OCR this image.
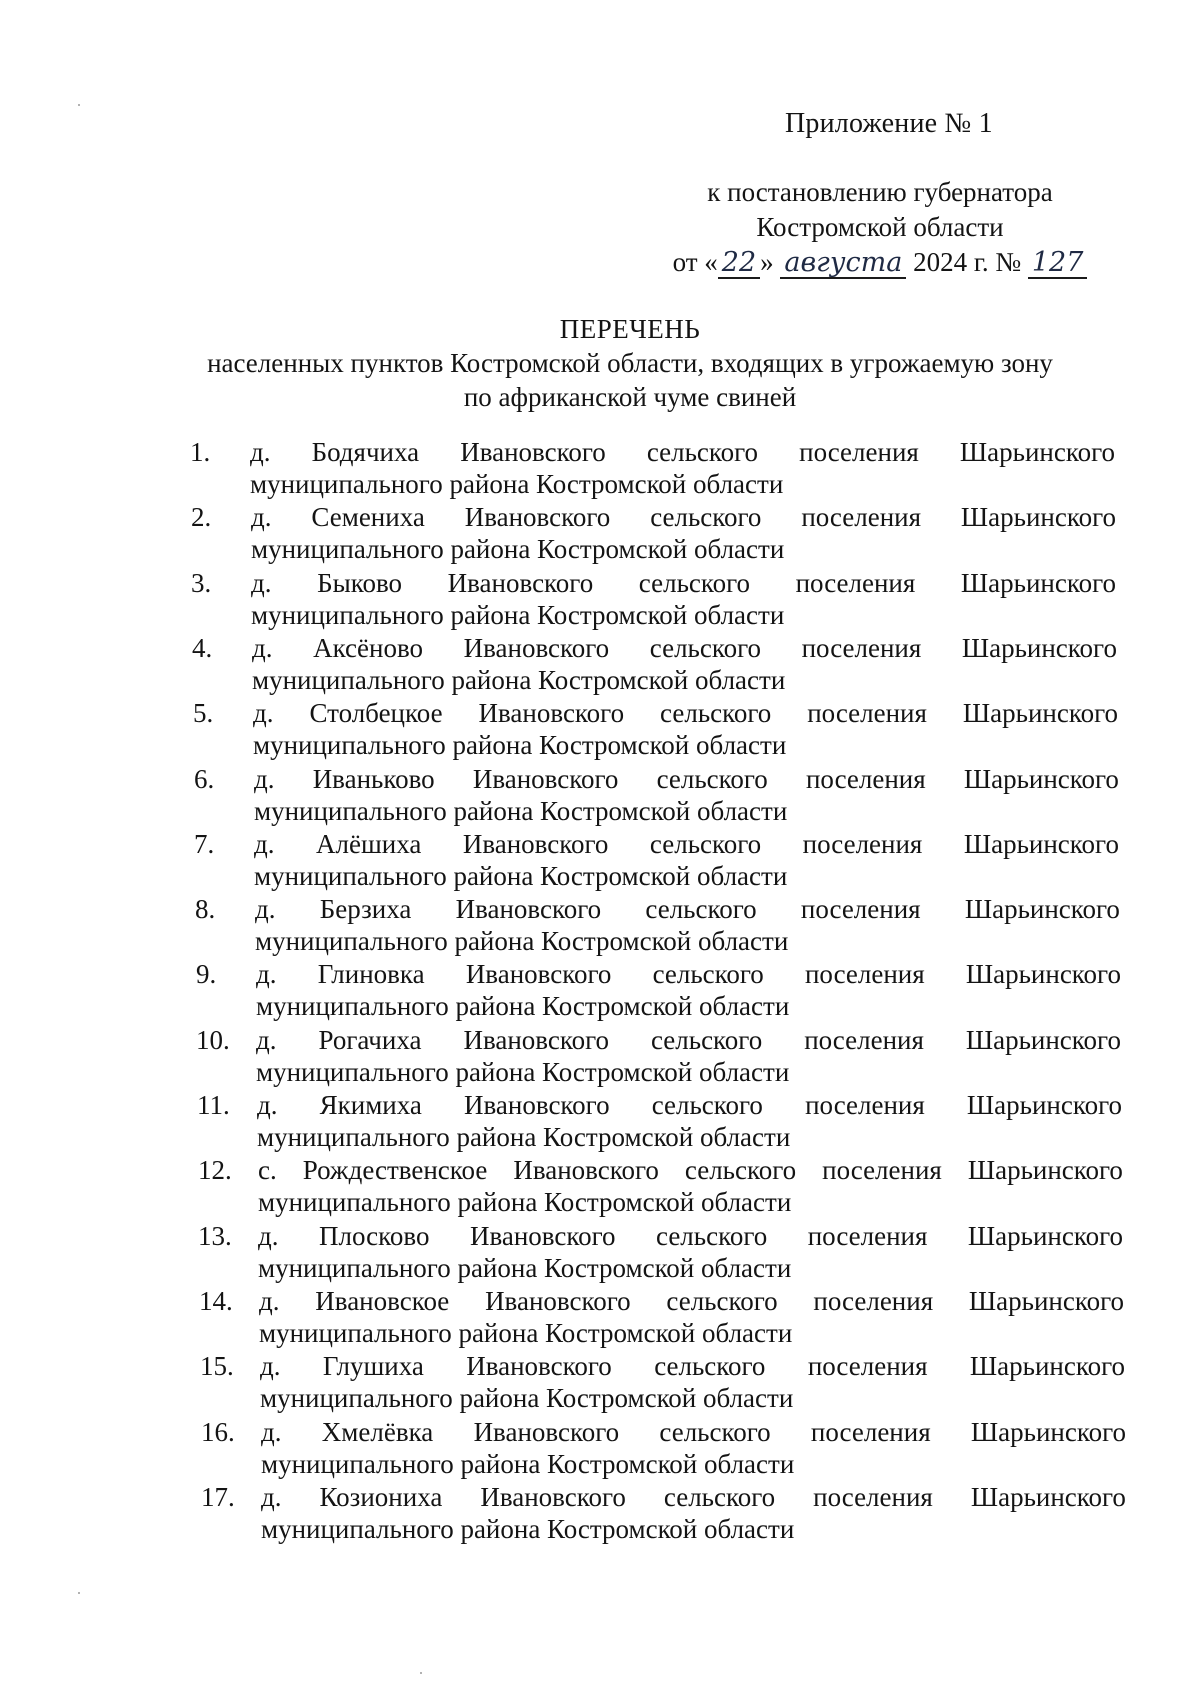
Приложение № 1
к постановлению губернатора
Костромской области
от « 22 » августа 2024 г. № 127
ПЕРЕЧЕНЬ
населенных пунктов Костромской области, входящих в угрожаемую зону
по африканской чуме свиней
1. д. Бодячиха Ивановского сельского поселения Шарьинского
муниципального района Костромской области
2. д. Семениха Ивановского сельского поселения Шарьинского
муниципального района Костромской области
3. д. Быково Ивановского сельского поселения Шарьинского
муниципального района Костромской области
4. д. Аксёново Ивановского сельского поселения Шарьинского
муниципального района Костромской области
5. д. Столбецкое Ивановского сельского поселения Шарьинского
муниципального района Костромской области
6. д. Иваньково Ивановского сельского поселения Шарьинского
муниципального района Костромской области
7. д. Алёшиха Ивановского сельского поселения Шарьинского
муниципального района Костромской области
8. д. Берзиха Ивановского сельского поселения Шарьинского
муниципального района Костромской области
9. д. Глиновка Ивановского сельского поселения Шарьинского
муниципального района Костромской области
10. д. Рогачиха Ивановского сельского поселения Шарьинского
муниципального района Костромской области
11. д. Якимиха Ивановского сельского поселения Шарьинского
муниципального района Костромской области
12. с. Рождественское Ивановского сельского поселения Шарьинского
муниципального района Костромской области
13. д. Плосково Ивановского сельского поселения Шарьинского
муниципального района Костромской области
14. д. Ивановское Ивановского сельского поселения Шарьинского
муниципального района Костромской области
15. д. Глушиха Ивановского сельского поселения Шарьинского
муниципального района Костромской области
16. д. Хмелёвка Ивановского сельского поселения Шарьинского
муниципального района Костромской области
17. д. Козиониха Ивановского сельского поселения Шарьинского
муниципального района Костромской области
